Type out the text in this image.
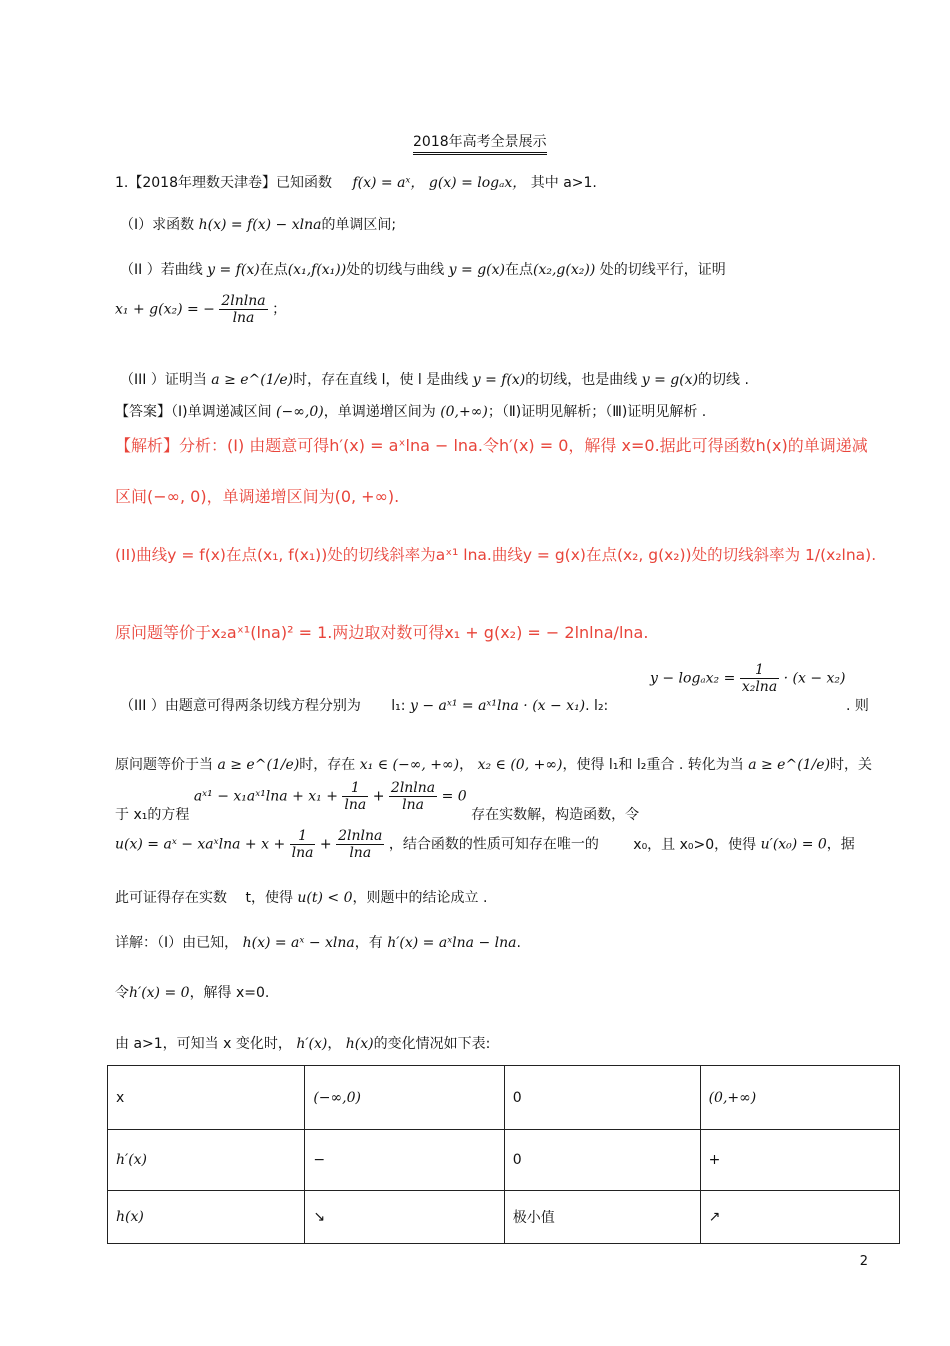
2018年高考全景展示
1.【2018年理数天津卷】已知函数 f(x) = aˣ， g(x) = logₐx， 其中 a>1.
（I）求函数 h(x) = f(x) − xlna的单调区间;
（II ）若曲线 y = f(x)在点(x₁,f(x₁))处的切线与曲线 y = g(x)在点(x₂,g(x₂)) 处的切线平行，证明
x₁ + g(x₂) = − $\frac{2lnlna}{\ln a}$ ；
（III ）证明当 a ≥ e^(1/e)时，存在直线 l，使 l 是曲线 y = f(x)的切线，也是曲线 y = g(x)的切线 .
【答案】（Ⅰ)单调递减区间 (−∞,0)，单调递增区间为 (0,+∞)；（Ⅱ)证明见解析；（Ⅲ)证明见解析 .
【解析】分析：(I) 由题意可得h′(x) = aˣlna − lna.令h′(x) = 0，解得 x=0.据此可得函数h(x)的单调递减
区间(−∞, 0)，单调递增区间为(0, +∞).
(II)曲线y = f(x)在点(x₁, f(x₁))处的切线斜率为aˣ¹ lna.曲线y = g(x)在点(x₂, g(x₂))处的切线斜率为 1/(x₂lna).
原问题等价于x₂aˣ¹(lna)² = 1.两边取对数可得x₁ + g(x₂) = − 2lnlna/lna.
（III ）由题意可得两条切线方程分别为 l₁: y − aˣ¹ = aˣ¹lna · (x − x₁). l₂:
$y - \log_ax_2 = \frac{1}{\text{x₂lna}} \cdot (x - x_2)$
. 则
原问题等价于当 a ≥ e^(1/e)时，存在 x₁ ∈ (−∞, +∞)， x₂ ∈ (0, +∞)，使得 l₁和 l₂重合 . 转化为当 a ≥ e^(1/e)时，关
于 x₁的方程 aˣ¹ − x₁aˣ¹lna + $x_1 + \frac{1}{\ln a} + \frac{2lnlna}{\ln a} = 0$ 存在实数解，构造函数，令
u(x) = aˣ − xaˣlna + $x + \frac{1}{\ln a} + \frac{2lnlna}{\ln a}$ ，结合函数的性质可知存在唯一的 x₀，且 x₀>0，使得 u′(x₀) = 0，据
此可证得存在实数 t，使得 u(t) < 0，则题中的结论成立 .
详解：（I）由已知， h(x) = aˣ − xlna，有 h′(x) = aˣlna − lna.
令h′(x) = 0，解得 x=0.
由 a>1，可知当 x 变化时， h′(x)， h(x)的变化情况如下表:
x	(−∞,0)	0	(0,+∞)
h′(x)	−	0	+
h(x)	↘	极小值	↗
2
